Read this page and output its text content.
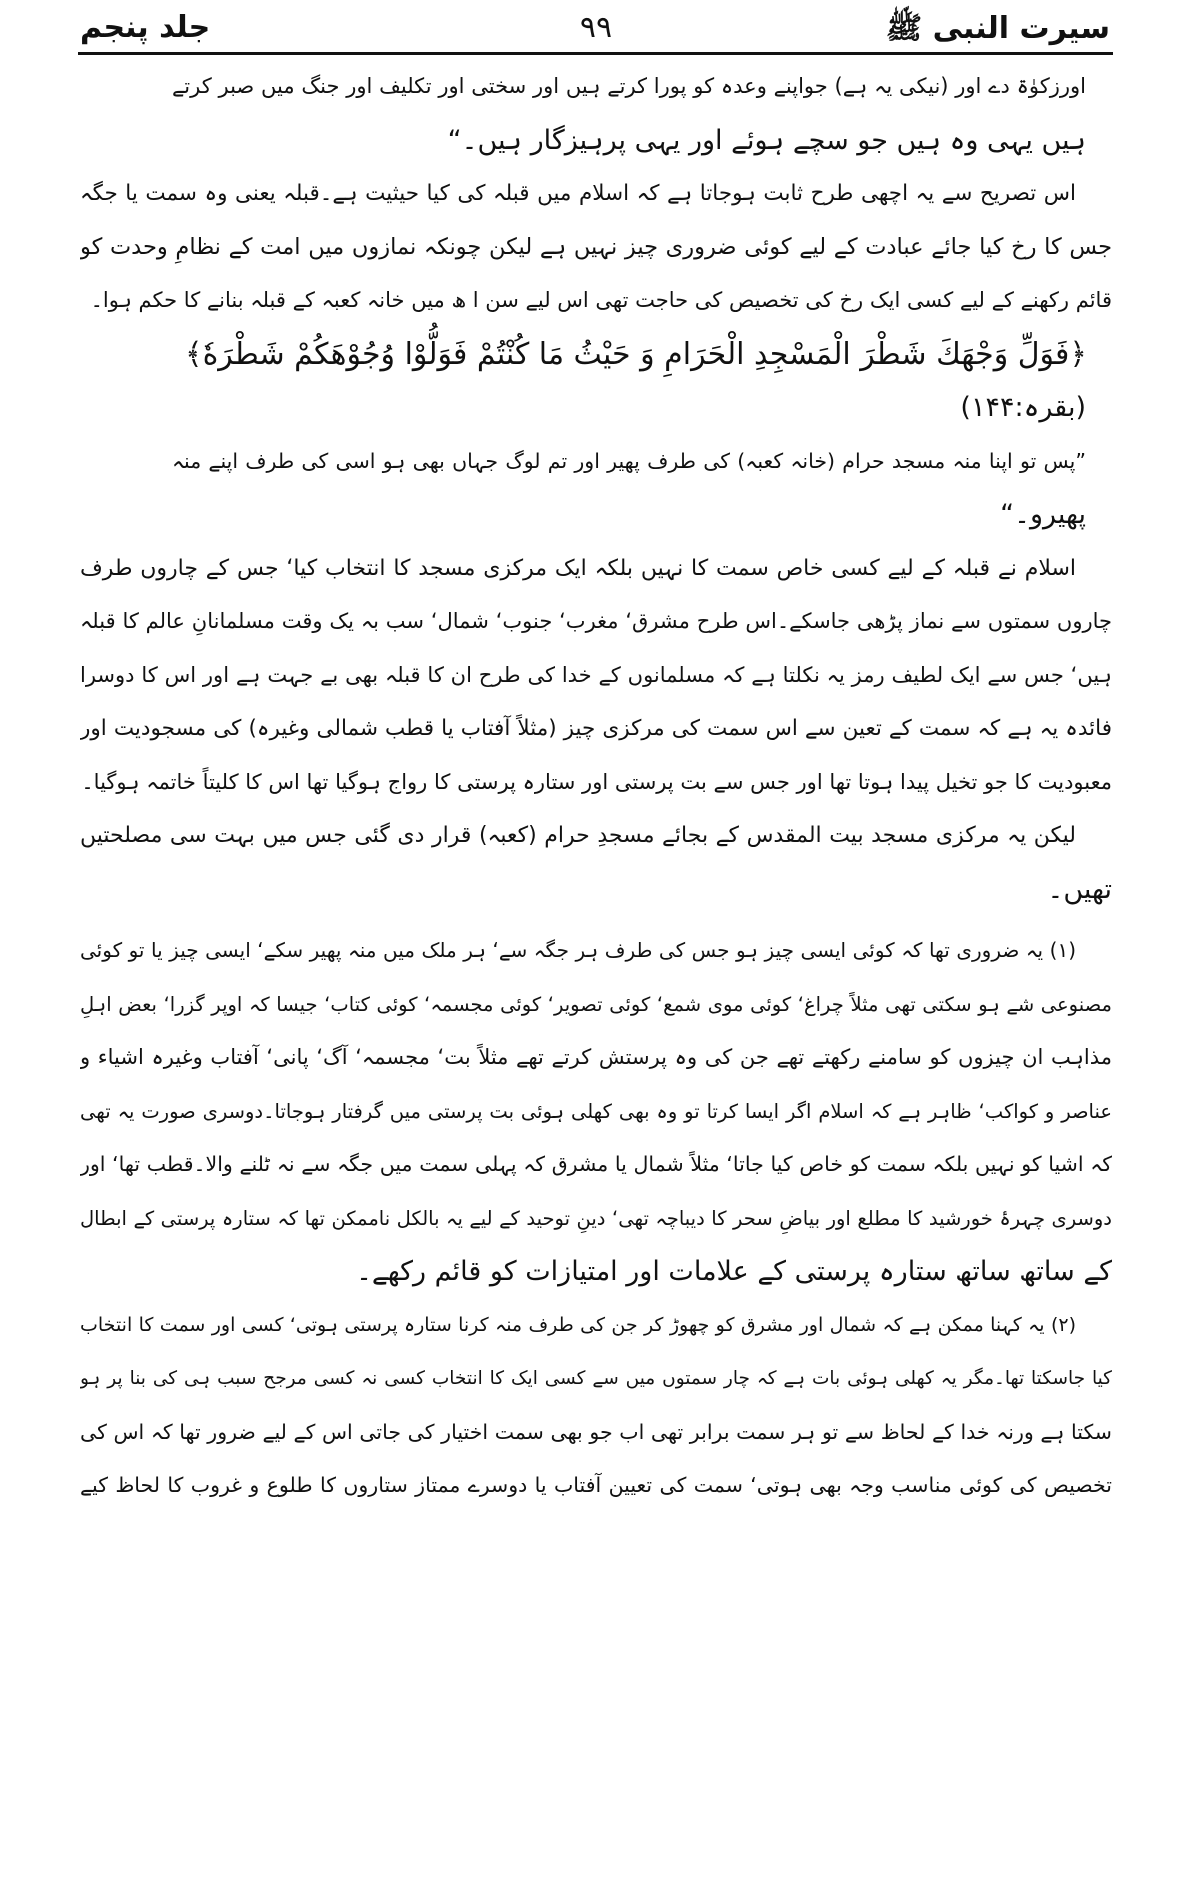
سیرت النبی ﷺ
۹۹
جلد پنجم
اورزکوٰۃ دے اور (نیکی یہ ہے) جواپنے وعدہ کو پورا کرتے ہیں اور سختی اور تکلیف اور جنگ میں صبر کرتے
ہیں یہی وہ ہیں جو سچے ہوئے اور یہی پرہیزگار ہیں۔“
اس تصریح سے یہ اچھی طرح ثابت ہوجاتا ہے کہ اسلام میں قبلہ کی کیا حیثیت ہے۔قبلہ یعنی وہ سمت یا جگہ
جس کا رخ کیا جائے عبادت کے لیے کوئی ضروری چیز نہیں ہے لیکن چونکہ نمازوں میں امت کے نظامِ وحدت کو
قائم رکھنے کے لیے کسی ایک رخ کی تخصیص کی حاجت تھی اس لیے سن ا ھ میں خانہ کعبہ کے قبلہ بنانے کا حکم ہوا۔
﴿فَوَلِّ وَجْهَكَ شَطْرَ الْمَسْجِدِ الْحَرَامِ وَ حَيْثُ مَا كُنْتُمْ فَوَلُّوْا وُجُوْهَكُمْ شَطْرَهٗ﴾
(بقرہ:۱۴۴)
”پس تو اپنا منہ مسجد حرام (خانہ کعبہ) کی طرف پھیر اور تم لوگ جہاں بھی ہو اسی کی طرف اپنے منہ
پھیرو۔“
اسلام نے قبلہ کے لیے کسی خاص سمت کا نہیں بلکہ ایک مرکزی مسجد کا انتخاب کیا‘ جس کے چاروں طرف
چاروں سمتوں سے نماز پڑھی جاسکے۔اس طرح مشرق‘ مغرب‘ جنوب‘ شمال‘ سب بہ یک وقت مسلمانانِ عالم کا قبلہ
ہیں‘ جس سے ایک لطیف رمز یہ نکلتا ہے کہ مسلمانوں کے خدا کی طرح ان کا قبلہ بھی بے جہت ہے اور اس کا دوسرا
فائدہ یہ ہے کہ سمت کے تعین سے اس سمت کی مرکزی چیز (مثلاً آفتاب یا قطب شمالی وغیرہ) کی مسجودیت اور
معبودیت کا جو تخیل پیدا ہوتا تھا اور جس سے بت پرستی اور ستارہ پرستی کا رواج ہوگیا تھا اس کا کلیتاً خاتمہ ہوگیا۔
لیکن یہ مرکزی مسجد بیت المقدس کے بجائے مسجدِ حرام (کعبہ) قرار دی گئی جس میں بہت سی مصلحتیں
تھیں۔
(۱) یہ ضروری تھا کہ کوئی ایسی چیز ہو جس کی طرف ہر جگہ سے‘ ہر ملک میں منہ پھیر سکے‘ ایسی چیز یا تو کوئی
مصنوعی شے ہو سکتی تھی مثلاً چراغ‘ کوئی موی شمع‘ کوئی تصویر‘ کوئی مجسمہ‘ کوئی کتاب‘ جیسا کہ اوپر گزرا‘ بعض اہلِ
مذاہب ان چیزوں کو سامنے رکھتے تھے جن کی وہ پرستش کرتے تھے مثلاً بت‘ مجسمہ‘ آگ‘ پانی‘ آفتاب وغیرہ اشیاء و
عناصر و کواکب‘ ظاہر ہے کہ اسلام اگر ایسا کرتا تو وہ بھی کھلی ہوئی بت پرستی میں گرفتار ہوجاتا۔دوسری صورت یہ تھی
کہ اشیا کو نہیں بلکہ سمت کو خاص کیا جاتا‘ مثلاً شمال یا مشرق کہ پہلی سمت میں جگہ سے نہ ٹلنے والا۔قطب تھا‘ اور
دوسری چہرۂ خورشید کا مطلع اور بیاضِ سحر کا دیباچہ تھی‘ دینِ توحید کے لیے یہ بالکل ناممکن تھا کہ ستارہ پرستی کے ابطال
کے ساتھ ساتھ ستارہ پرستی کے علامات اور امتیازات کو قائم رکھے۔
(۲) یہ کہنا ممکن ہے کہ شمال اور مشرق کو چھوڑ کر جن کی طرف منہ کرنا ستارہ پرستی ہوتی‘ کسی اور سمت کا انتخاب
کیا جاسکتا تھا۔مگر یہ کھلی ہوئی بات ہے کہ چار سمتوں میں سے کسی ایک کا انتخاب کسی نہ کسی مرجح سبب ہی کی بنا پر ہو
سکتا ہے ورنہ خدا کے لحاظ سے تو ہر سمت برابر تھی اب جو بھی سمت اختیار کی جاتی اس کے لیے ضرور تھا کہ اس کی
تخصیص کی کوئی مناسب وجہ بھی ہوتی‘ سمت کی تعیین آفتاب یا دوسرے ممتاز ستاروں کا طلوع و غروب کا لحاظ کیے
